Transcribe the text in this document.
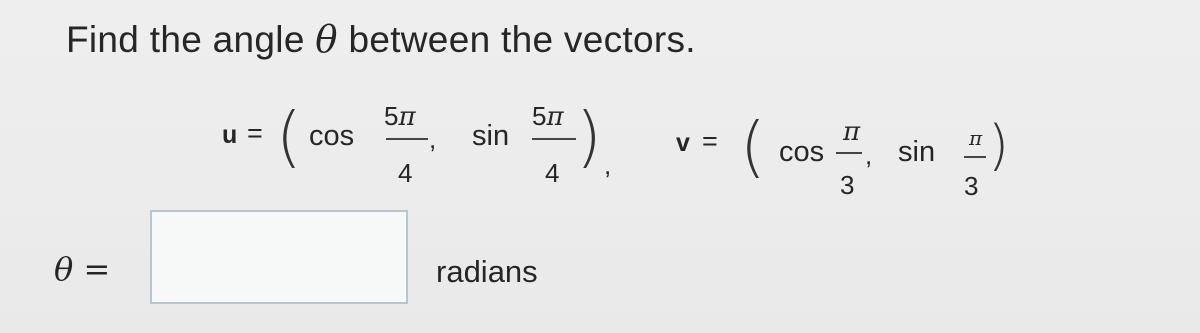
Find the angle θ between the vectors.
u = ( cos
5π
4
, sin
5π
4 ) ,
v = ( cos
π
3
, sin π
3
)
θ =	radians
